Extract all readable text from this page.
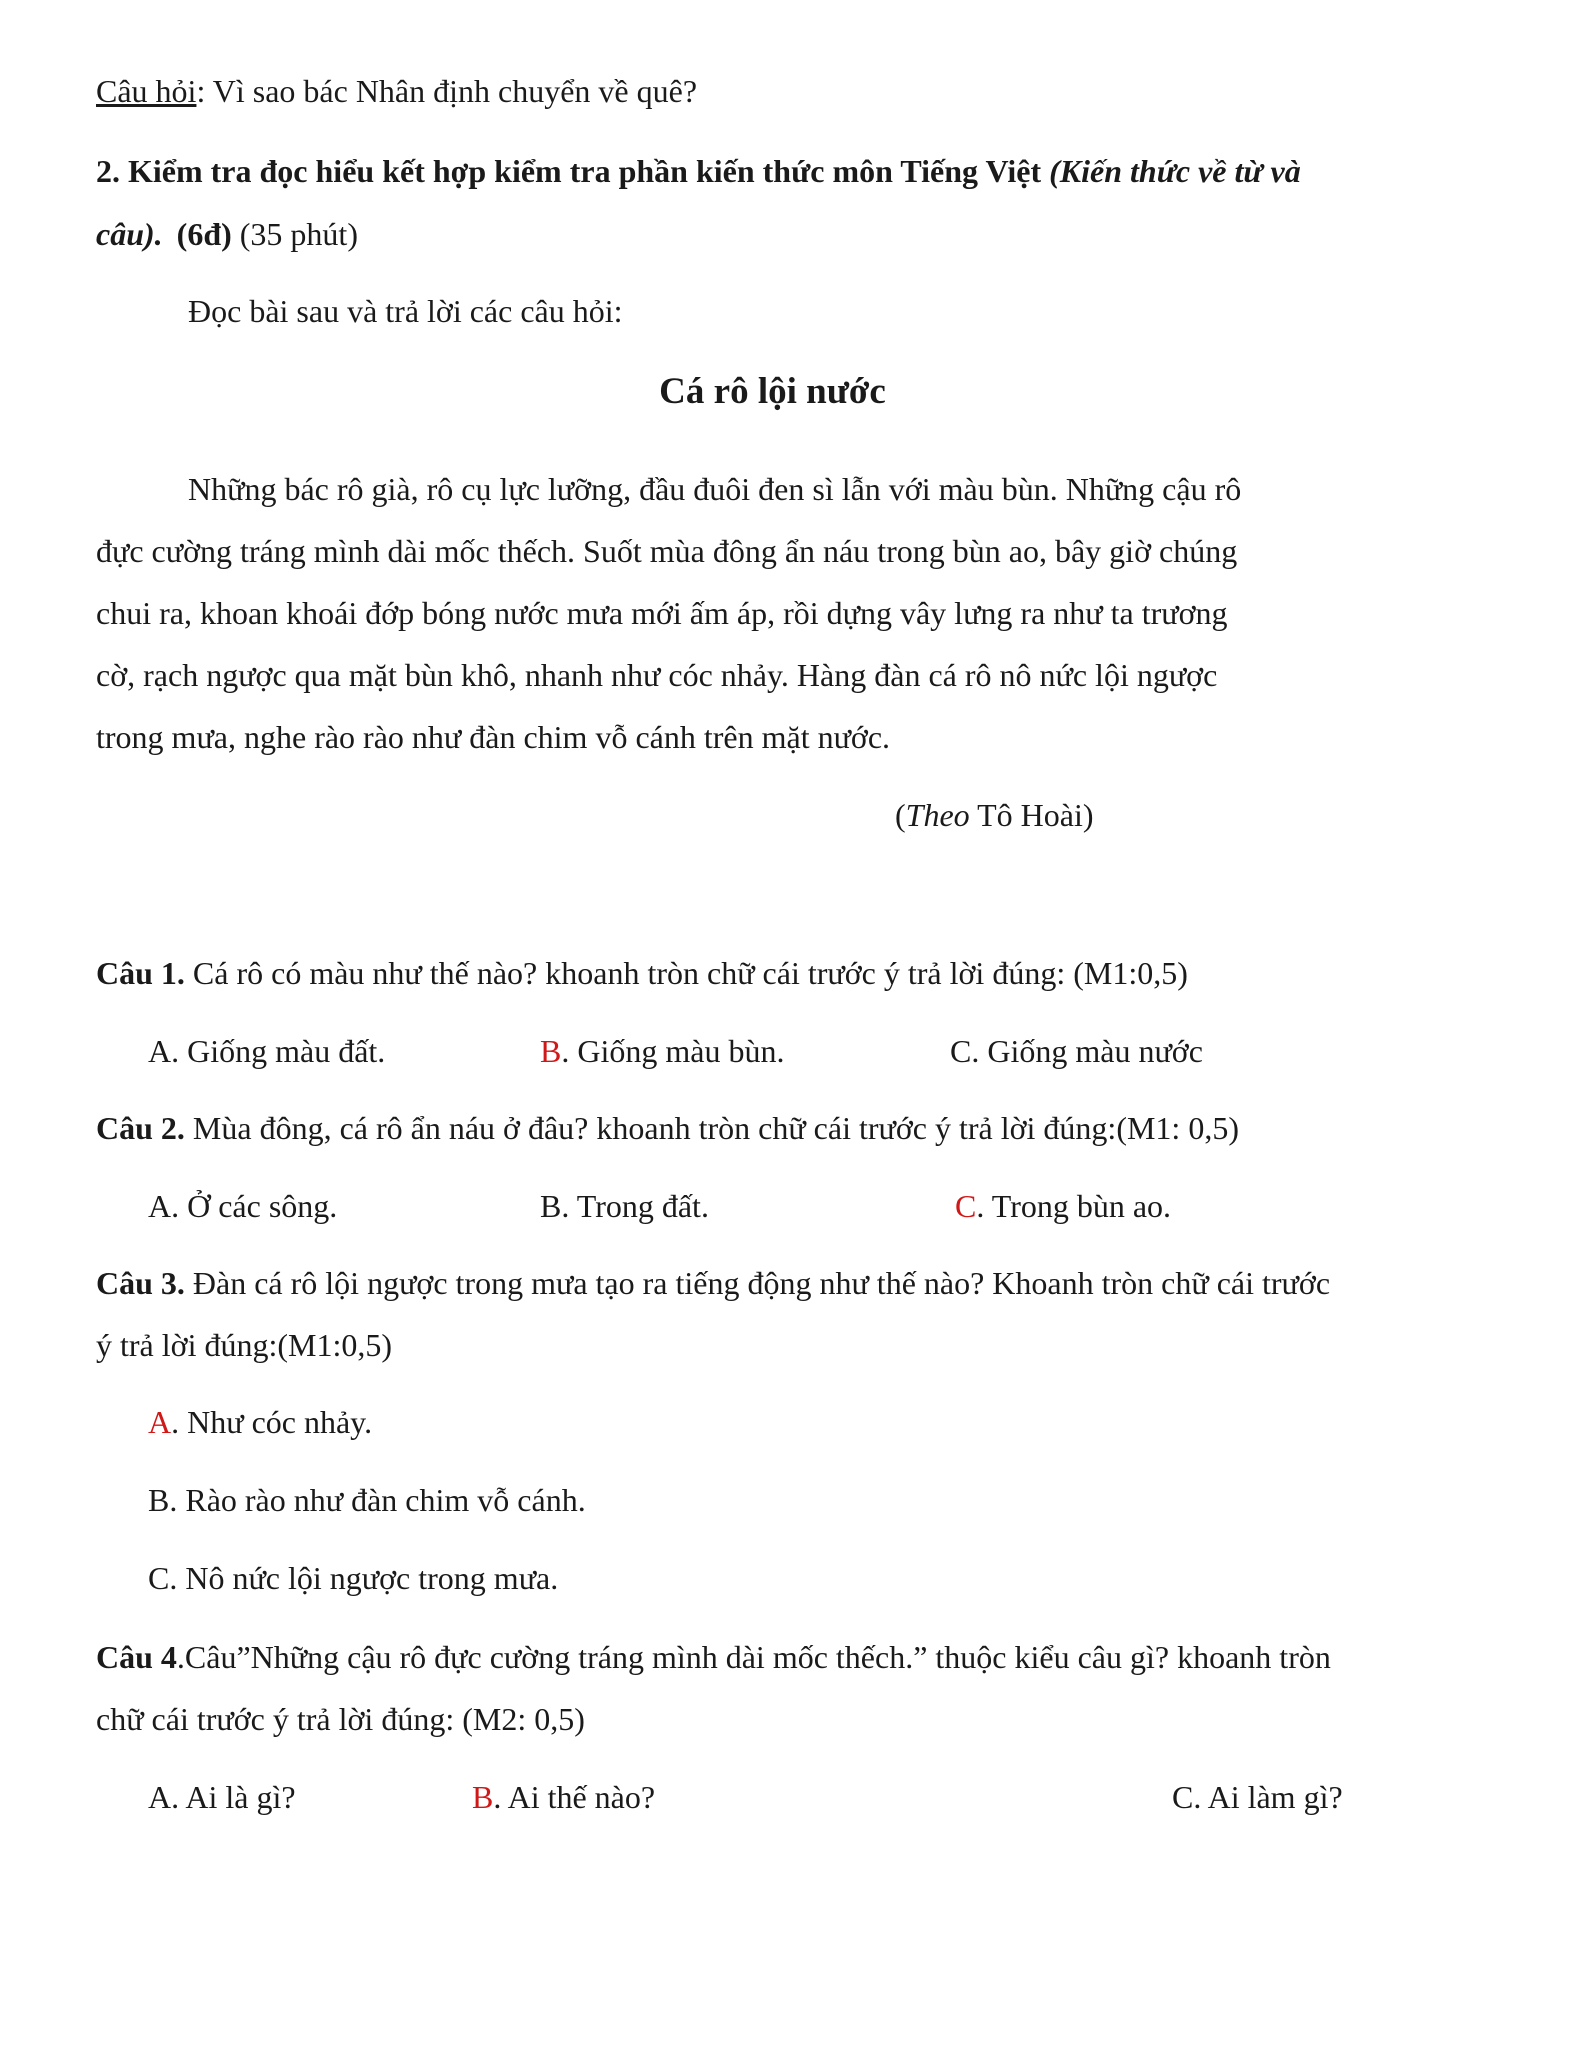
Câu hỏi: Vì sao bác Nhân định chuyển về quê?
2. Kiểm tra đọc hiểu kết hợp kiểm tra phần kiến thức môn Tiếng Việt (Kiến thức về từ và
câu). (6đ) (35 phút)
Đọc bài sau và trả lời các câu hỏi:
Cá rô lội nước
Những bác rô già, rô cụ lực lưỡng, đầu đuôi đen sì lẫn với màu bùn. Những cậu rô
đực cường tráng mình dài mốc thếch. Suốt mùa đông ẩn náu trong bùn ao, bây giờ chúng
chui ra, khoan khoái đớp bóng nước mưa mới ấm áp, rồi dựng vây lưng ra như ta trương
cờ, rạch ngược qua mặt bùn khô, nhanh như cóc nhảy. Hàng đàn cá rô nô nức lội ngược
trong mưa, nghe rào rào như đàn chim vỗ cánh trên mặt nước.
(Theo Tô Hoài)
Câu 1. Cá rô có màu như thế nào? khoanh tròn chữ cái trước ý trả lời đúng: (M1:0,5)
A. Giống màu đất.	B. Giống màu bùn.	C. Giống màu nước
Câu 2. Mùa đông, cá rô ẩn náu ở đâu? khoanh tròn chữ cái trước ý trả lời đúng:(M1: 0,5)
A. Ở các sông.	B. Trong đất.	C. Trong bùn ao.
Câu 3. Đàn cá rô lội ngược trong mưa tạo ra tiếng động như thế nào? Khoanh tròn chữ cái trước
ý trả lời đúng:(M1:0,5)
A. Như cóc nhảy.
B. Rào rào như đàn chim vỗ cánh.
C. Nô nức lội ngược trong mưa.
Câu 4.Câu”Những cậu rô đực cường tráng mình dài mốc thếch.” thuộc kiểu câu gì? khoanh tròn
chữ cái trước ý trả lời đúng: (M2: 0,5)
A. Ai là gì?	B. Ai thế nào?	C. Ai làm gì?
